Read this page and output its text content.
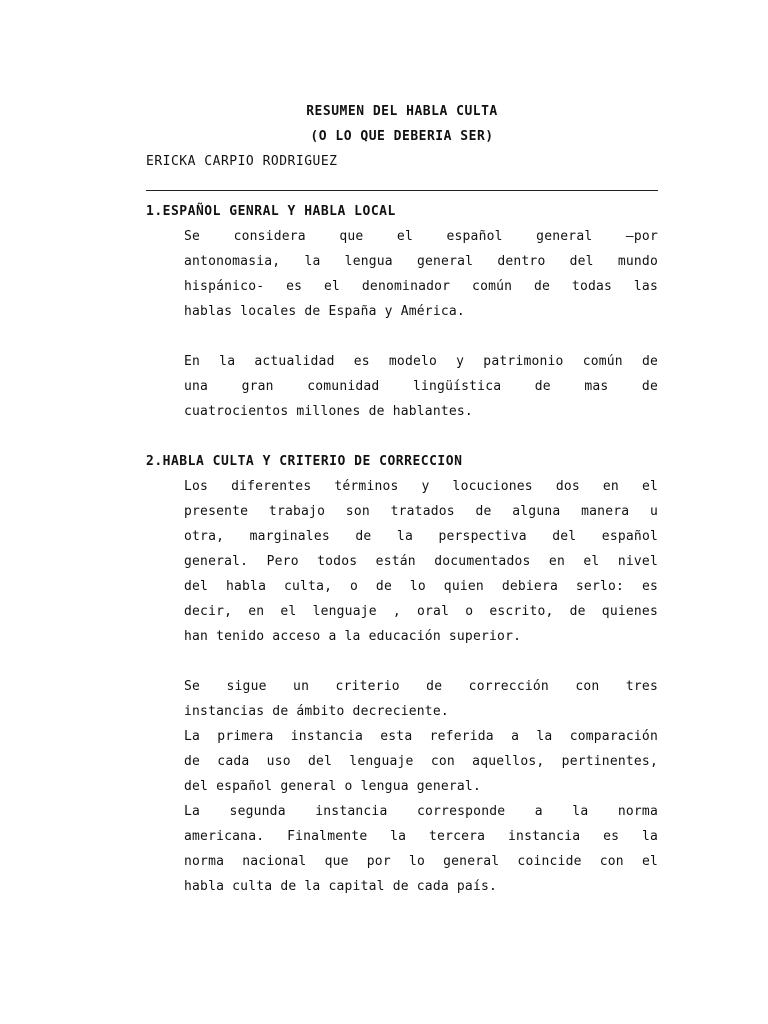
RESUMEN DEL HABLA CULTA
(O LO QUE DEBERIA SER)
ERICKA CARPIO RODRIGUEZ
1.ESPAÑOL GENRAL Y HABLA LOCAL
Se considera que el español general –por
antonomasia, la lengua general dentro del mundo
hispánico- es el denominador común de todas las
hablas locales de España y América.
En la actualidad es modelo y patrimonio común de
una gran comunidad lingüística de mas de
cuatrocientos millones de hablantes.
2.HABLA CULTA Y CRITERIO DE CORRECCION
Los diferentes términos y locuciones dos en el
presente trabajo son tratados de alguna manera u
otra, marginales de la perspectiva del español
general. Pero todos están documentados en el nivel
del habla culta, o de lo quien debiera serlo: es
decir, en el lenguaje , oral o escrito, de quienes
han tenido acceso a la educación superior.
Se sigue un criterio de corrección con tres
instancias de ámbito decreciente.
La primera instancia esta referida a la comparación
de cada uso del lenguaje con aquellos, pertinentes,
del español general o lengua general.
La segunda instancia corresponde a la norma
americana. Finalmente la tercera instancia es la
norma nacional que por lo general coincide con el
habla culta de la capital de cada país.
